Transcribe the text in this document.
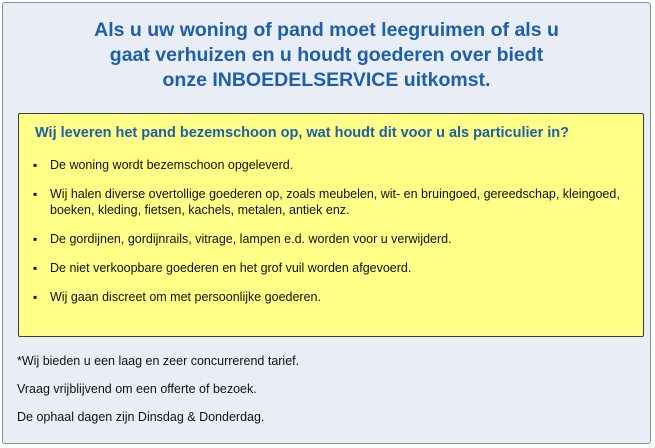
Als u uw woning of pand moet leegruimen of als u
gaat verhuizen en u houdt goederen over biedt
onze INBOEDELSERVICE uitkomst.
Wij leveren het pand bezemschoon op, wat houdt dit voor u als particulier in?
▪ De woning wordt bezemschoon opgeleverd.
▪ Wij halen diverse overtollige goederen op, zoals meubelen, wit- en bruingoed, gereedschap, kleingoed, boeken, kleding, fietsen, kachels, metalen, antiek enz.
▪ De gordijnen, gordijnrails, vitrage, lampen e.d. worden voor u verwijderd.
▪ De niet verkoopbare goederen en het grof vuil worden afgevoerd.
▪ Wij gaan discreet om met persoonlijke goederen.

*Wij bieden u een laag en zeer concurrerend tarief.

Vraag vrijblijvend om een offerte of bezoek.

De ophaal dagen zijn Dinsdag & Donderdag.
